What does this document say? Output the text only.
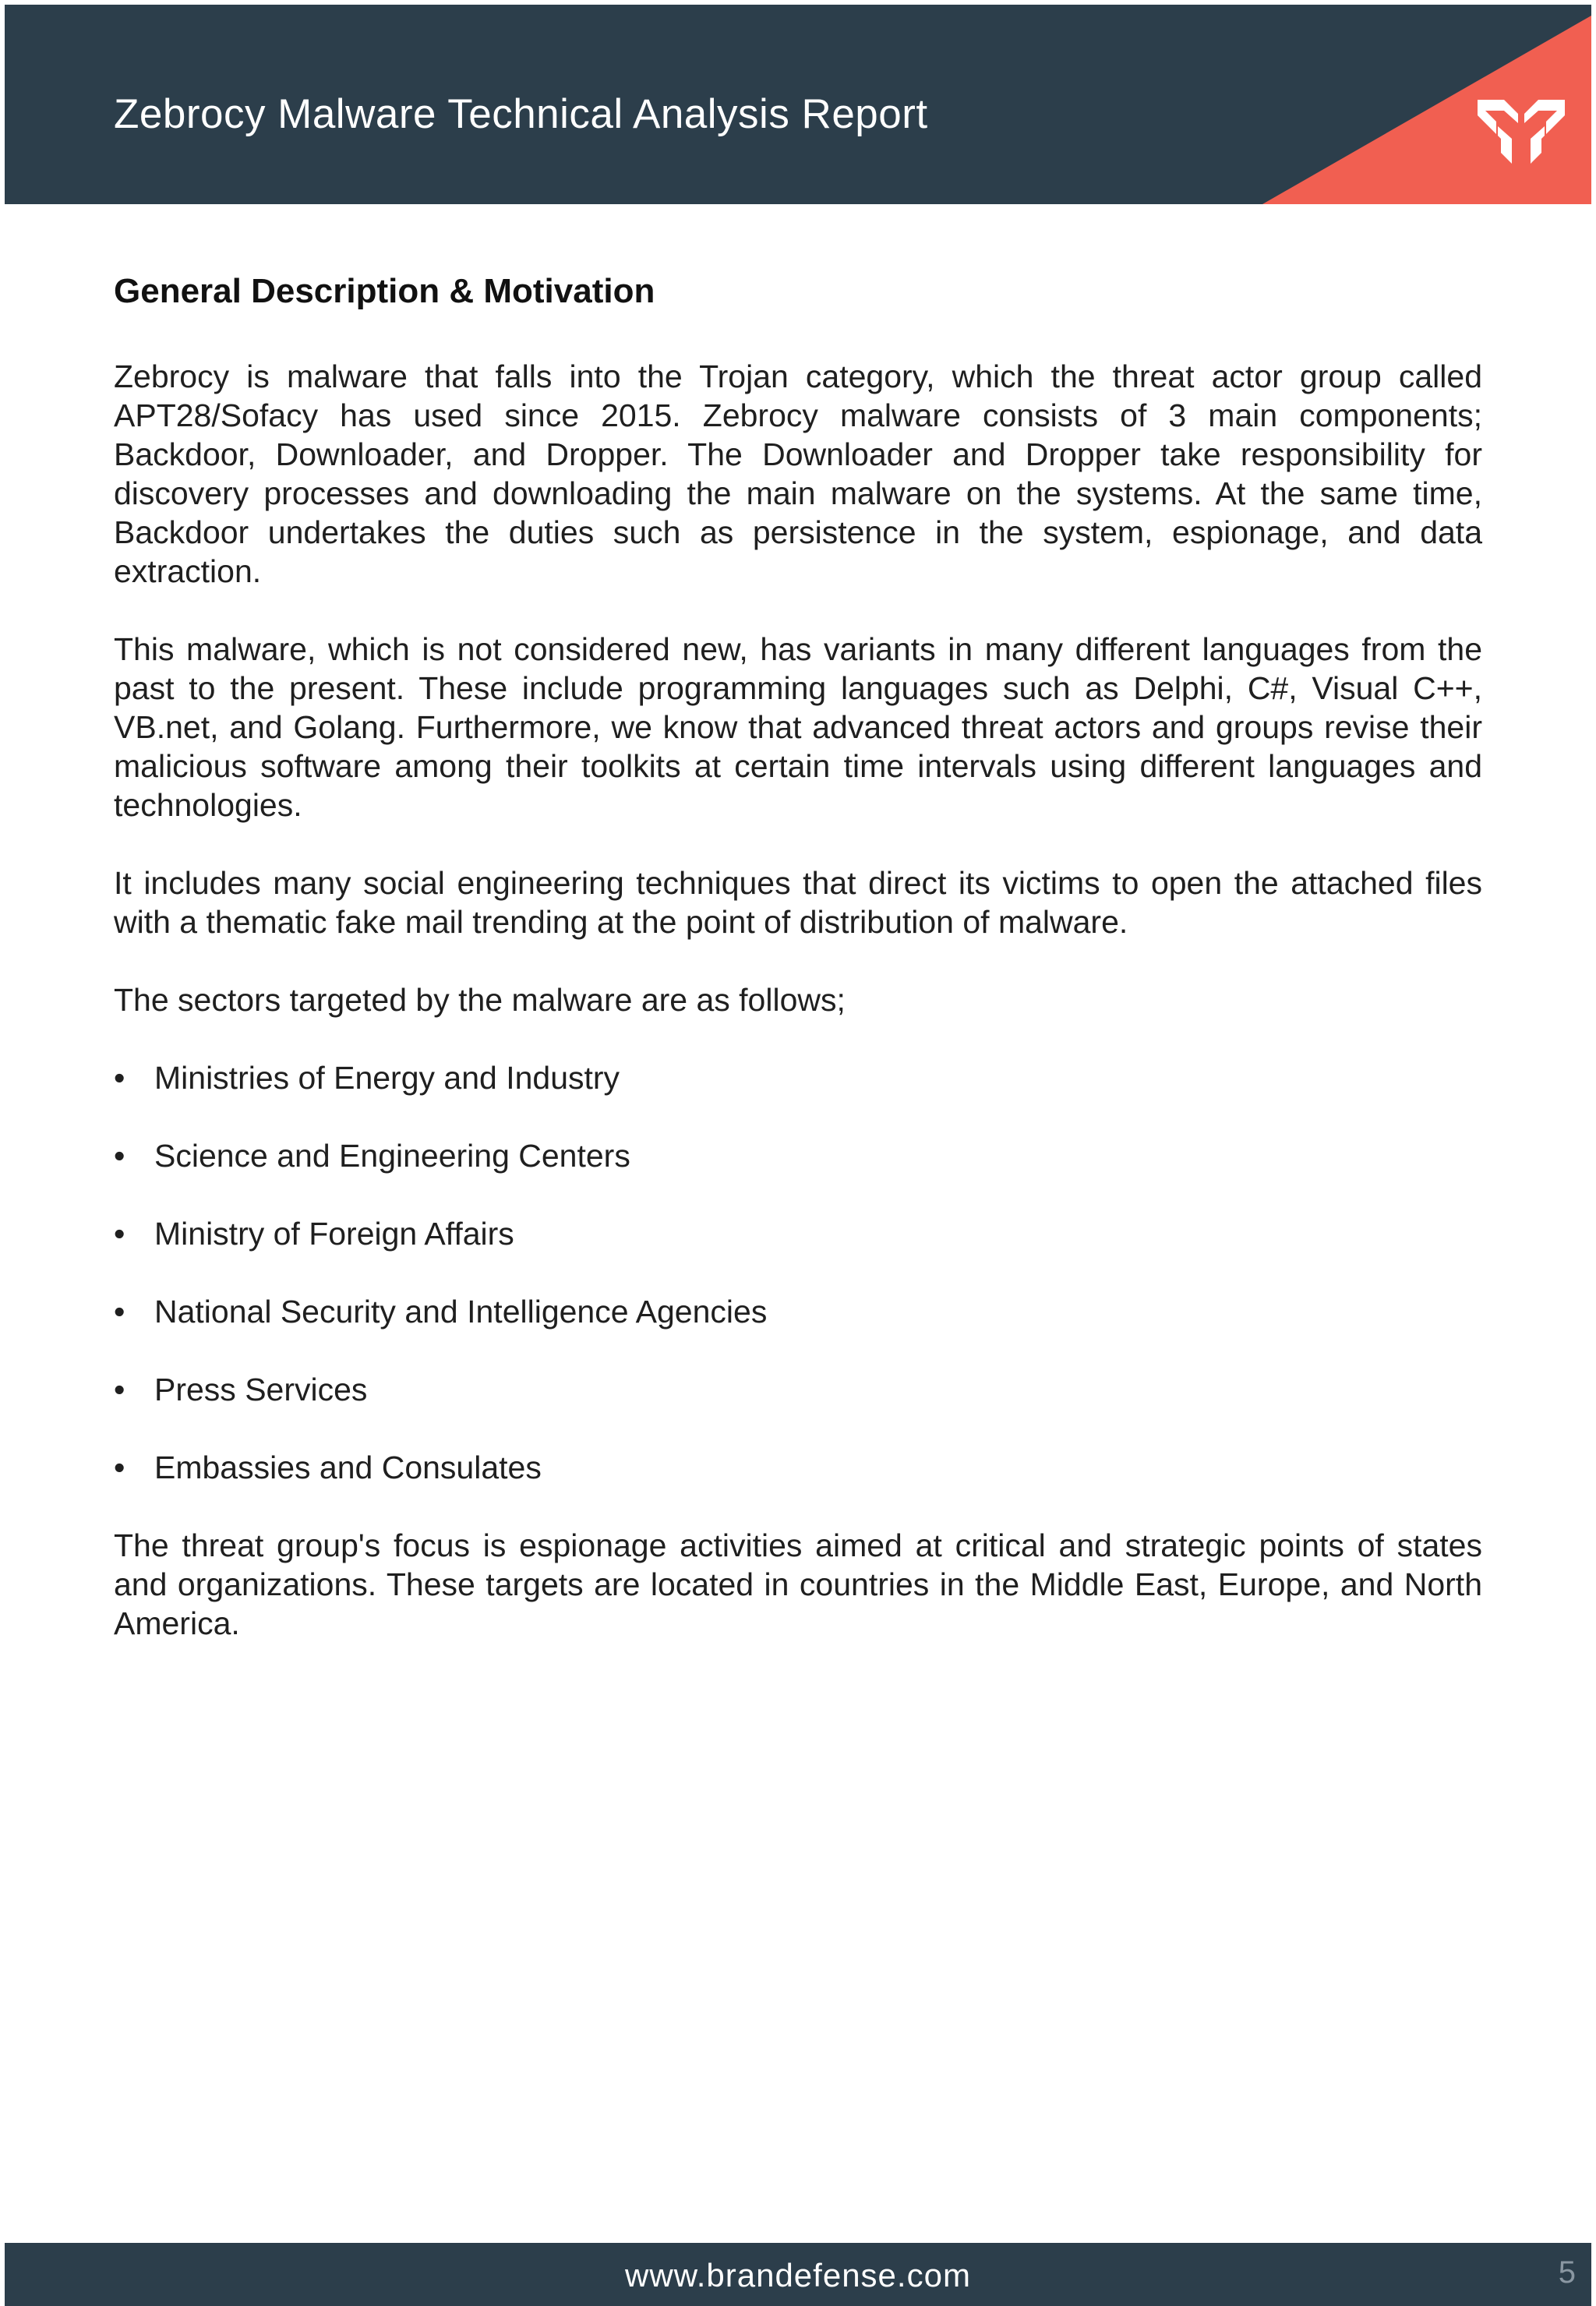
Zebrocy Malware Technical Analysis Report
General Description & Motivation

Zebrocy is malware that falls into the Trojan category, which the threat actor group called APT28/Sofacy has used since 2015. Zebrocy malware consists of 3 main components; Backdoor, Downloader, and Dropper. The Downloader and Dropper take responsibility for discovery processes and downloading the main malware on the systems. At the same time, Backdoor undertakes the duties such as persistence in the system, espionage, and data extraction.

This malware, which is not considered new, has variants in many different languages from the past to the present. These include programming languages such as Delphi, C#, Visual C++, VB.net, and Golang. Furthermore, we know that advanced threat actors and groups revise their malicious software among their toolkits at certain time intervals using different languages and technologies.

It includes many social engineering techniques that direct its victims to open the attached files with a thematic fake mail trending at the point of distribution of malware.

The sectors targeted by the malware are as follows;

• Ministries of Energy and Industry
• Science and Engineering Centers
• Ministry of Foreign Affairs
• National Security and Intelligence Agencies
• Press Services
• Embassies and Consulates

The threat group's focus is espionage activities aimed at critical and strategic points of states and organizations. These targets are located in countries in the Middle East, Europe, and North America.

www.brandefense.com	5
